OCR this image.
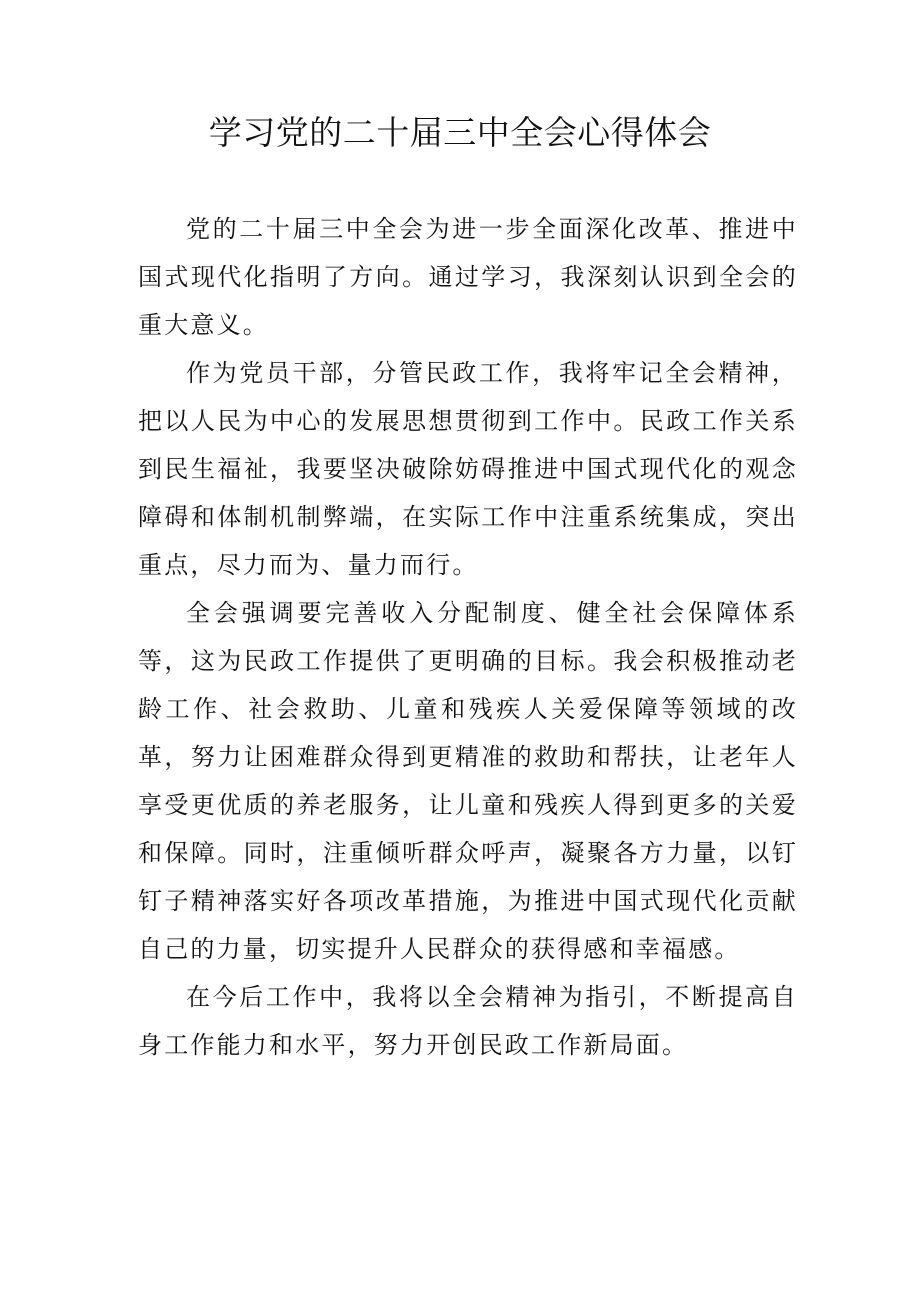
学习党的二十届三中全会心得体会

党的二十届三中全会为进一步全面深化改革、推进中国式现代化指明了方向。通过学习，我深刻认识到全会的重大意义。

作为党员干部，分管民政工作，我将牢记全会精神，把以人民为中心的发展思想贯彻到工作中。民政工作关系到民生福祉，我要坚决破除妨碍推进中国式现代化的观念障碍和体制机制弊端，在实际工作中注重系统集成，突出重点，尽力而为、量力而行。

全会强调要完善收入分配制度、健全社会保障体系等，这为民政工作提供了更明确的目标。我会积极推动老龄工作、社会救助、儿童和残疾人关爱保障等领域的改革，努力让困难群众得到更精准的救助和帮扶，让老年人享受更优质的养老服务，让儿童和残疾人得到更多的关爱和保障。同时，注重倾听群众呼声，凝聚各方力量，以钉钉子精神落实好各项改革措施，为推进中国式现代化贡献自己的力量，切实提升人民群众的获得感和幸福感。

在今后工作中，我将以全会精神为指引，不断提高自身工作能力和水平，努力开创民政工作新局面。
